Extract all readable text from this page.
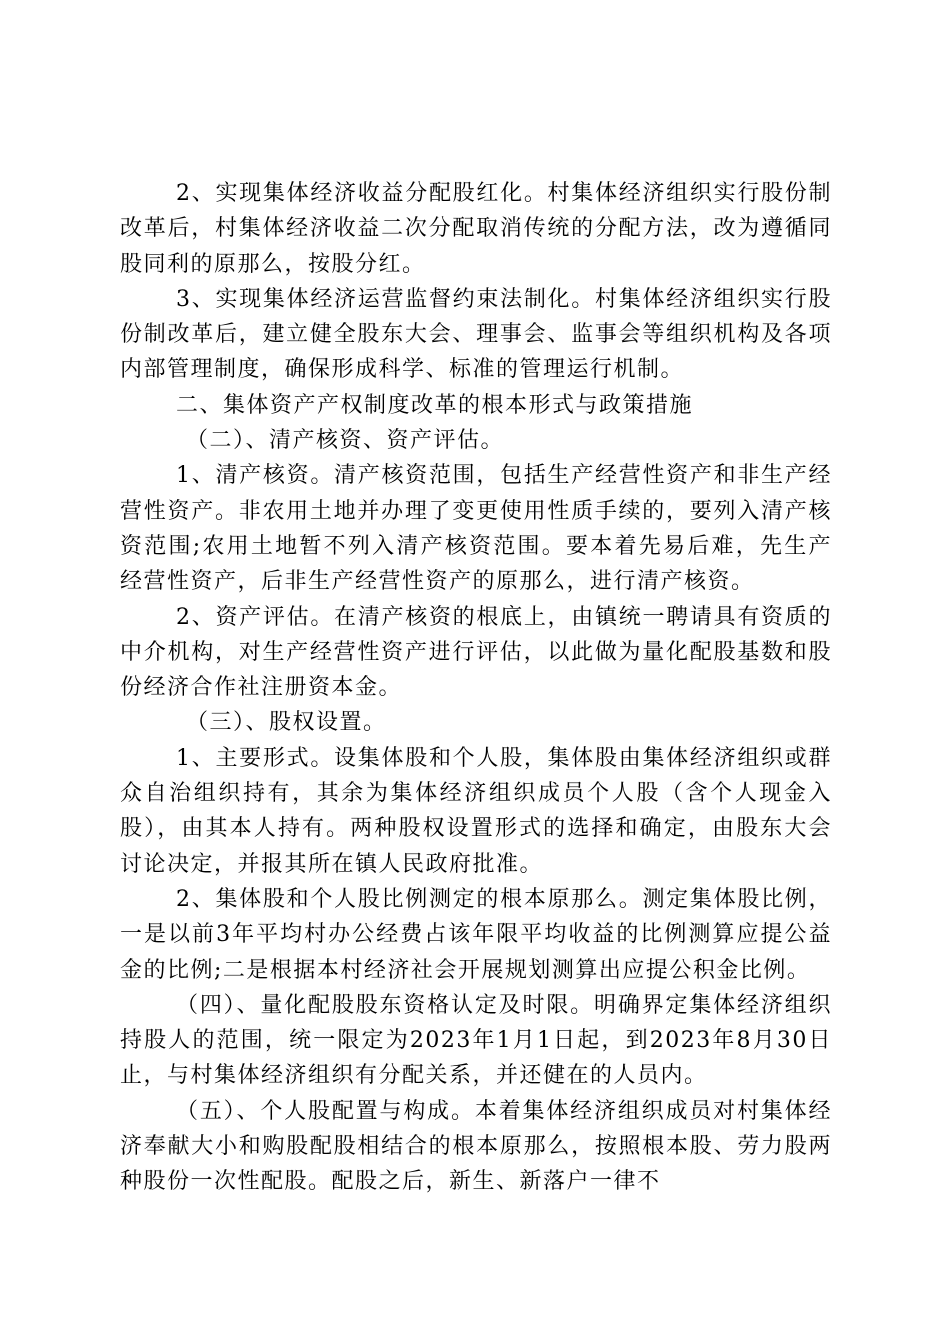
2、实现集体经济收益分配股红化。村集体经济组织实行股份制改革后，村集体经济收益二次分配取消传统的分配方法，改为遵循同股同利的原那么，按股分红。

3、实现集体经济运营监督约束法制化。村集体经济组织实行股份制改革后，建立健全股东大会、理事会、监事会等组织机构及各项内部管理制度，确保形成科学、标准的管理运行机制。

二、集体资产产权制度改革的根本形式与政策措施

（二）、清产核资、资产评估。

1、清产核资。清产核资范围，包括生产经营性资产和非生产经营性资产。非农用土地并办理了变更使用性质手续的，要列入清产核资范围;农用土地暂不列入清产核资范围。要本着先易后难，先生产经营性资产，后非生产经营性资产的原那么，进行清产核资。

2、资产评估。在清产核资的根底上，由镇统一聘请具有资质的中介机构，对生产经营性资产进行评估，以此做为量化配股基数和股份经济合作社注册资本金。

（三）、股权设置。

1、主要形式。设集体股和个人股，集体股由集体经济组织或群众自治组织持有，其余为集体经济组织成员个人股（含个人现金入股），由其本人持有。两种股权设置形式的选择和确定，由股东大会讨论决定，并报其所在镇人民政府批准。

2、集体股和个人股比例测定的根本原那么。测定集体股比例，一是以前3年平均村办公经费占该年限平均收益的比例测算应提公益金的比例;二是根据本村经济社会开展规划测算出应提公积金比例。

（四）、量化配股股东资格认定及时限。明确界定集体经济组织持股人的范围，统一限定为2023年1月1日起，到2023年8月30日止，与村集体经济组织有分配关系，并还健在的人员内。

（五）、个人股配置与构成。本着集体经济组织成员对村集体经济奉献大小和购股配股相结合的根本原那么，按照根本股、劳力股两种股份一次性配股。配股之后，新生、新落户一律不
